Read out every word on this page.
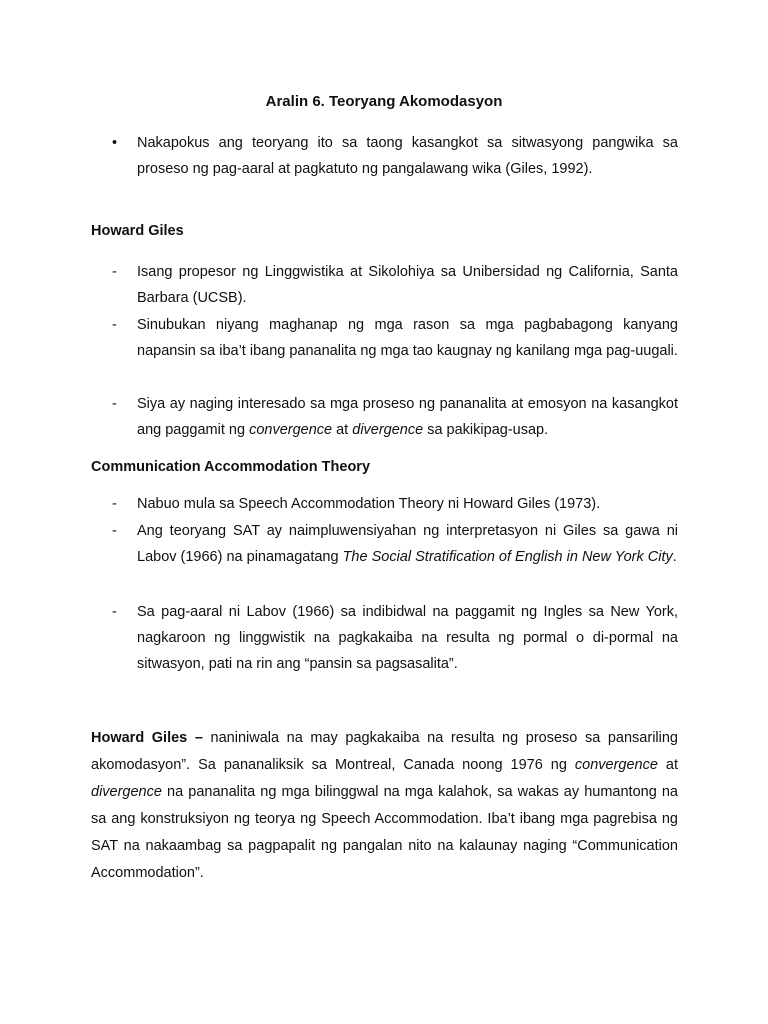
Aralin 6. Teoryang Akomodasyon
• Nakapokus ang teoryang ito sa taong kasangkot sa sitwasyong pangwika sa proseso ng pag-aaral at pagkatuto ng pangalawang wika (Giles, 1992).
Howard Giles
- Isang propesor ng Linggwistika at Sikolohiya sa Unibersidad ng California, Santa Barbara (UCSB).
- Sinubukan niyang maghanap ng mga rason sa mga pagbabagong kanyang napansin sa iba’t ibang pananalita ng mga tao kaugnay ng kanilang mga pag-uugali.
- Siya ay naging interesado sa mga proseso ng pananalita at emosyon na kasangkot ang paggamit ng convergence at divergence sa pakikipag-usap.
Communication Accommodation Theory
- Nabuo mula sa Speech Accommodation Theory ni Howard Giles (1973).
- Ang teoryang SAT ay naimpluwensiyahan ng interpretasyon ni Giles sa gawa ni Labov (1966) na pinamagatang The Social Stratification of English in New York City.
- Sa pag-aaral ni Labov (1966) sa indibidwal na paggamit ng Ingles sa New York, nagkaroon ng linggwistik na pagkakaiba na resulta ng pormal o di-pormal na sitwasyon, pati na rin ang “pansin sa pagsasalita”.
Howard Giles – naniniwala na may pagkakaiba na resulta ng proseso sa pansariling akomodasyon”. Sa pananaliksik sa Montreal, Canada noong 1976 ng convergence at divergence na pananalita ng mga bilinggwal na mga kalahok, sa wakas ay humantong na sa ang konstruksiyon ng teorya ng Speech Accommodation. Iba’t ibang mga pagrebisa ng SAT na nakaambag sa pagpapalit ng pangalan nito na kalaunay naging “Communication Accommodation”.
